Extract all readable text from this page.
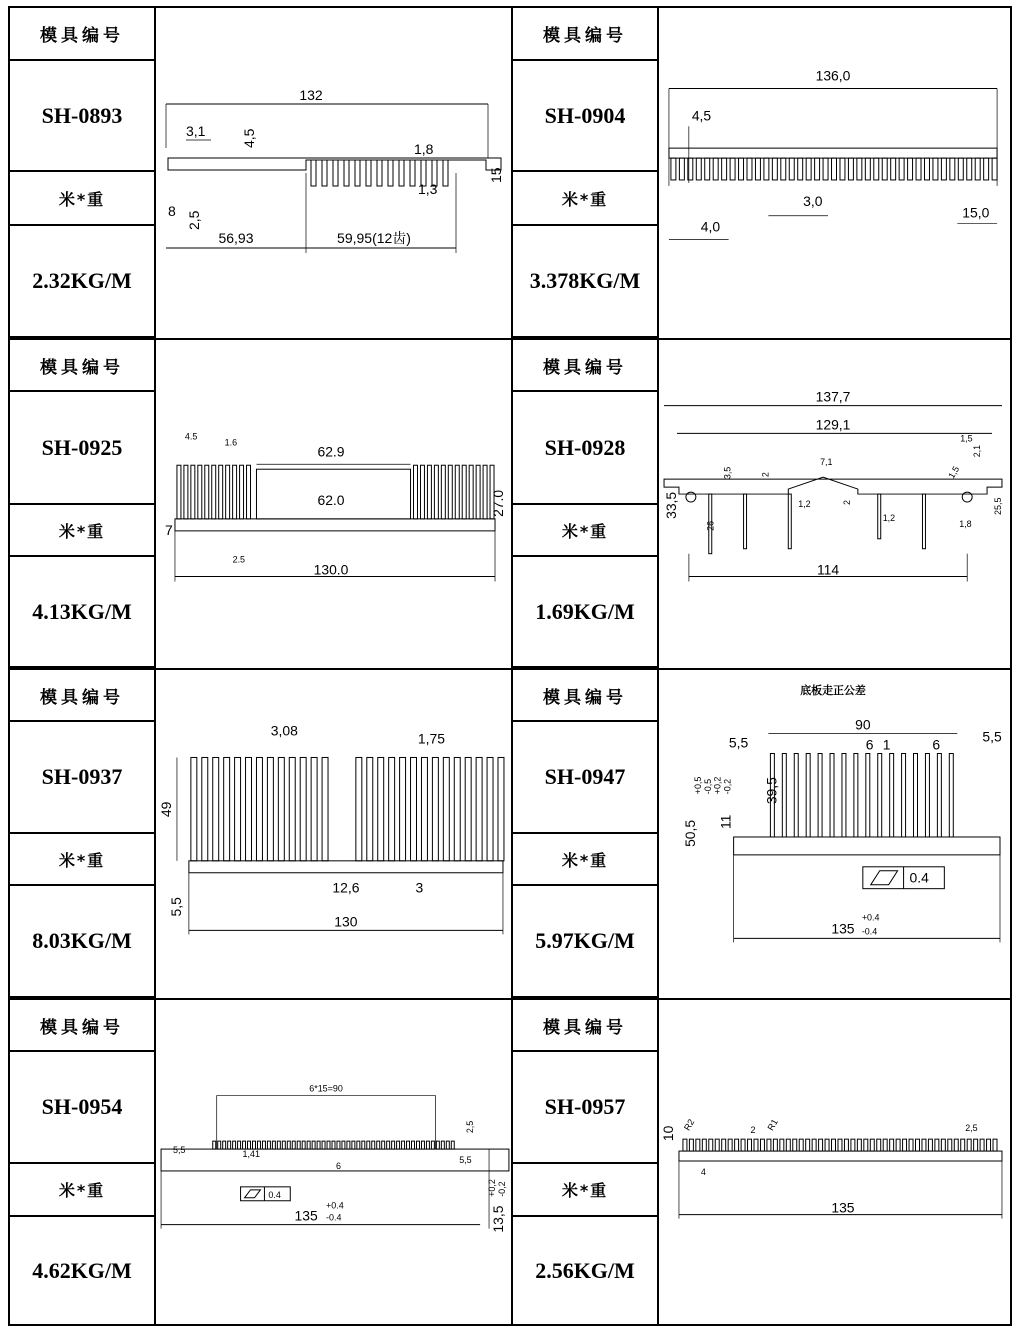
模具编号
SH-0893
米*重
2.32KG/M
132
3,1	4,5
1,8
15
1,3
8 2,5
56,93	59,95(12齿)
模具编号
SH-0904
米*重
3.378KG/M
136,0
4,5
3,0
15,0
4,0
模具编号
SH-0925
米*重
4.13KG/M
4.5
1.6
62.9
62.0	27.0
7
2.5
130.0
模具编号
SH-0928
米*重
1.69KG/M
137,7
129,1
1,5
2,1
3,5	2
7,1
1,5
33,5
26
1,2	2
1,2
1,8
25,5
114
模具编号
SH-0937
米*重
8.03KG/M
3,08	1,75
49
5,5
12,6	3
130
模具编号
SH-0947
米*重
5.97KG/M
底板走正公差
90
5,5	6 1	6	5,5
39,5
+0,5 -0,5
50,5
+0,2 -0,2
11
0.4
135
+0.4
-0.4
模具编号
SH-0954
米*重
4.62KG/M
6*15=90
2,5
5,5	1,41
6
5,5
0.4
135
+0.4
-0.4	13,5
+0,2 -0,2
模具编号
SH-0957
米*重
2.56KG/M
10
R2	2 R1	2,5
4
135
